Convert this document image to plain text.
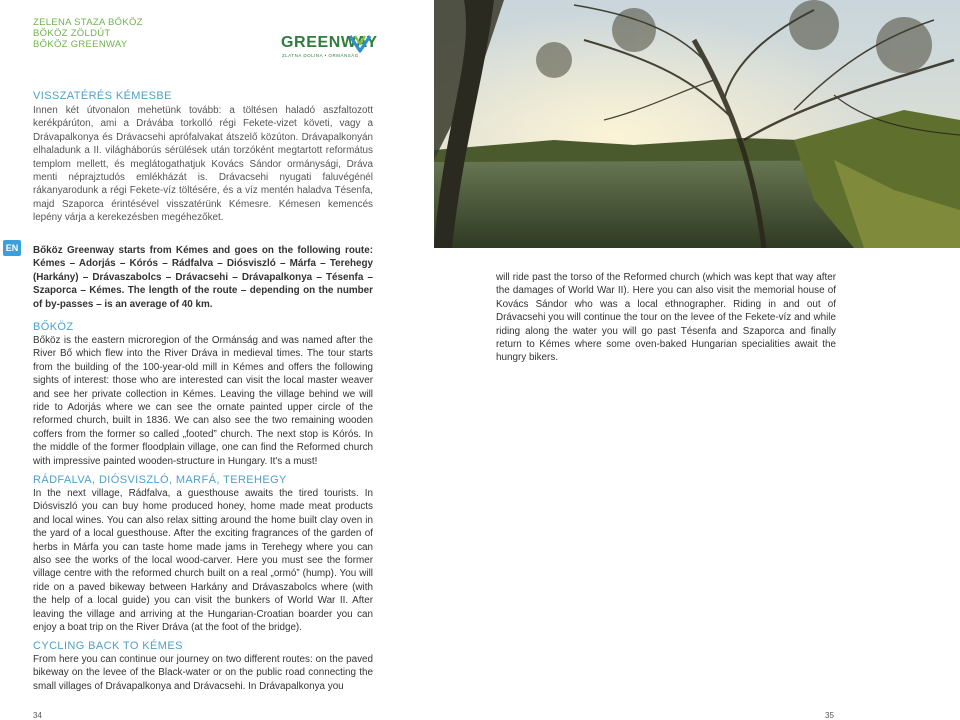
ZELENA STAZA BŐKÖZ
BŐKÖZ ZÖLDÚT
BŐKÖZ GREENWAY	GREENWAY
ZLATNA DOLINA • ORMÁNSÁG
VISSZATÉRÉS KÉMESBE
Innen két útvonalon mehetünk tovább: a töltésen haladó aszfaltozott kerékpárúton, ami a Drávába torkolló régi Fekete-vizet követi, vagy a Drávapalkonya és Drávacsehi aprófalvakat átszelő közúton. Drávapalkonyán elhaladunk a II. világháborús sérülések után torzóként megtartott református templom mellett, és meglátogathatjuk Kovács Sándor ormánysági, Dráva menti néprajztudós emlékházát is. Drávacsehi nyugati faluvégénél rákanyarodunk a régi Fekete-víz töltésére, és a víz mentén haladva Tésenfa, majd Szaporca érintésével visszatérünk Kémesre. Kémesen kemencés lepény várja a kerekezésben megéhezőket.
EN Bőköz Greenway starts from Kémes and goes on the following route: Kémes – Adorjás – Kórós – Rádfalva – Diósviszló – Márfa – Terehegy (Harkány) – Drávaszabolcs – Drávacsehi – Drávapalkonya – Tésenfa – Szaporca – Kémes. The length of the route – depending on the number of by-passes – is an average of 40 km.
BŐKÖZ
Bőköz is the eastern microregion of the Ormánság and was named after the River Bő which flew into the River Dráva in medieval times. The tour starts from the building of the 100-year-old mill in Kémes and offers the following sights of interest: those who are interested can visit the local master weaver and see her private collection in Kémes. Leaving the village behind we will ride to Adorjás where we can see the ornate painted upper circle of the reformed church, built in 1836. We can also see the two remaining wooden coffers from the former so called „footed” church. The next stop is Kórós. In the middle of the former floodplain village, one can find the Reformed church with impressive painted wooden-structure in Hungary. It's a must!
RÁDFALVA, DIÓSVISZLÓ, MARFÁ, TEREHEGY
In the next village, Rádfalva, a guesthouse awaits the tired tourists. In Diósviszló you can buy home produced honey, home made meat products and local wines. You can also relax sitting around the home built clay oven in the yard of a local guesthouse. After the exciting fragrances of the garden of herbs in Márfa you can taste home made jams in Terehegy where you can also see the works of the local wood-carver. Here you must see the former village centre with the reformed church built on a real „ormó” (hump). You will ride on a paved bikeway between Harkány and Drávaszabolcs where (with the help of a local guide) you can visit the bunkers of World War II. After leaving the village and arriving at the Hungarian-Croatian boarder you can enjoy a boat trip on the River Dráva (at the foot of the bridge).
CYCLING BACK TO KÉMES
From here you can continue our journey on two different routes: on the paved bikeway on the levee of the Black-water or on the public road connecting the small villages of Drávapalkonya and Drávacsehi. In Drávapalkonya you
will ride past the torso of the Reformed church (which was kept that way after the damages of World War II). Here you can also visit the memorial house of Kovács Sándor who was a local ethnographer. Riding in and out of Drávacsehi you will continue the tour on the levee of the Fekete-víz and while riding along the water you will go past Tésenfa and Szaporca and finally return to Kémes where some oven-baked Hungarian specialities await the hungry bikers.
34	35
